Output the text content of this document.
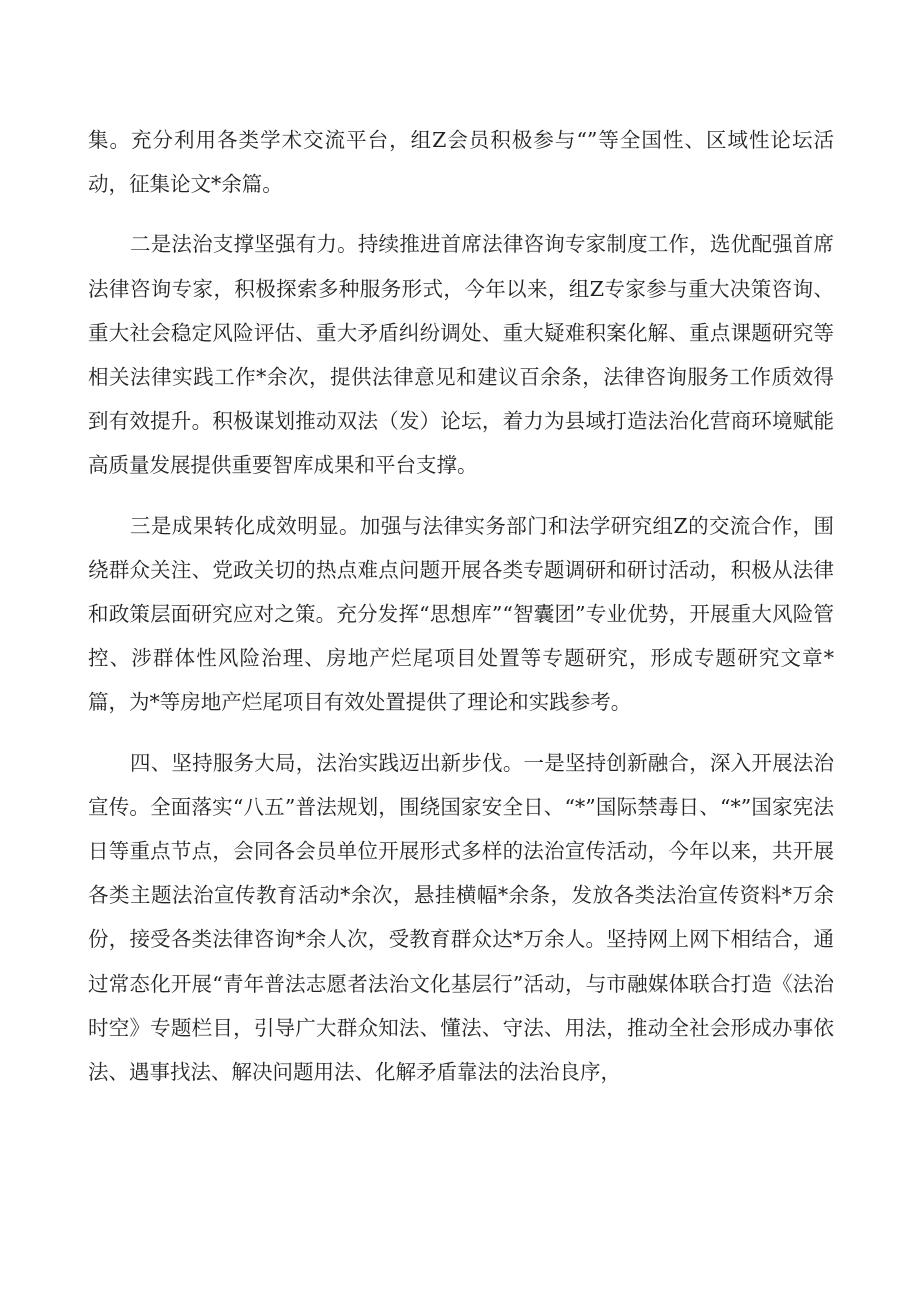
集。充分利用各类学术交流平台，组Z会员积极参与“”等全国性、区域性论坛活动，征集论文*余篇。

二是法治支撑坚强有力。持续推进首席法律咨询专家制度工作，选优配强首席法律咨询专家，积极探索多种服务形式，今年以来，组Z专家参与重大决策咨询、重大社会稳定风险评估、重大矛盾纠纷调处、重大疑难积案化解、重点课题研究等相关法律实践工作*余次，提供法律意见和建议百余条，法律咨询服务工作质效得到有效提升。积极谋划推动双法（发）论坛，着力为县域打造法治化营商环境赋能高质量发展提供重要智库成果和平台支撑。

三是成果转化成效明显。加强与法律实务部门和法学研究组Z的交流合作，围绕群众关注、党政关切的热点难点问题开展各类专题调研和研讨活动，积极从法律和政策层面研究应对之策。充分发挥“思想库”“智囊团”专业优势，开展重大风险管控、涉群体性风险治理、房地产烂尾项目处置等专题研究，形成专题研究文章*篇，为*等房地产烂尾项目有效处置提供了理论和实践参考。

四、坚持服务大局，法治实践迈出新步伐。一是坚持创新融合，深入开展法治宣传。全面落实“八五”普法规划，围绕国家安全日、“*”国际禁毒日、“*”国家宪法日等重点节点，会同各会员单位开展形式多样的法治宣传活动，今年以来，共开展各类主题法治宣传教育活动*余次，悬挂横幅*余条，发放各类法治宣传资料*万余份，接受各类法律咨询*余人次，受教育群众达*万余人。坚持网上网下相结合，通过常态化开展“青年普法志愿者法治文化基层行”活动，与市融媒体联合打造《法治时空》专题栏目，引导广大群众知法、懂法、守法、用法，推动全社会形成办事依法、遇事找法、解决问题用法、化解矛盾靠法的法治良序，
